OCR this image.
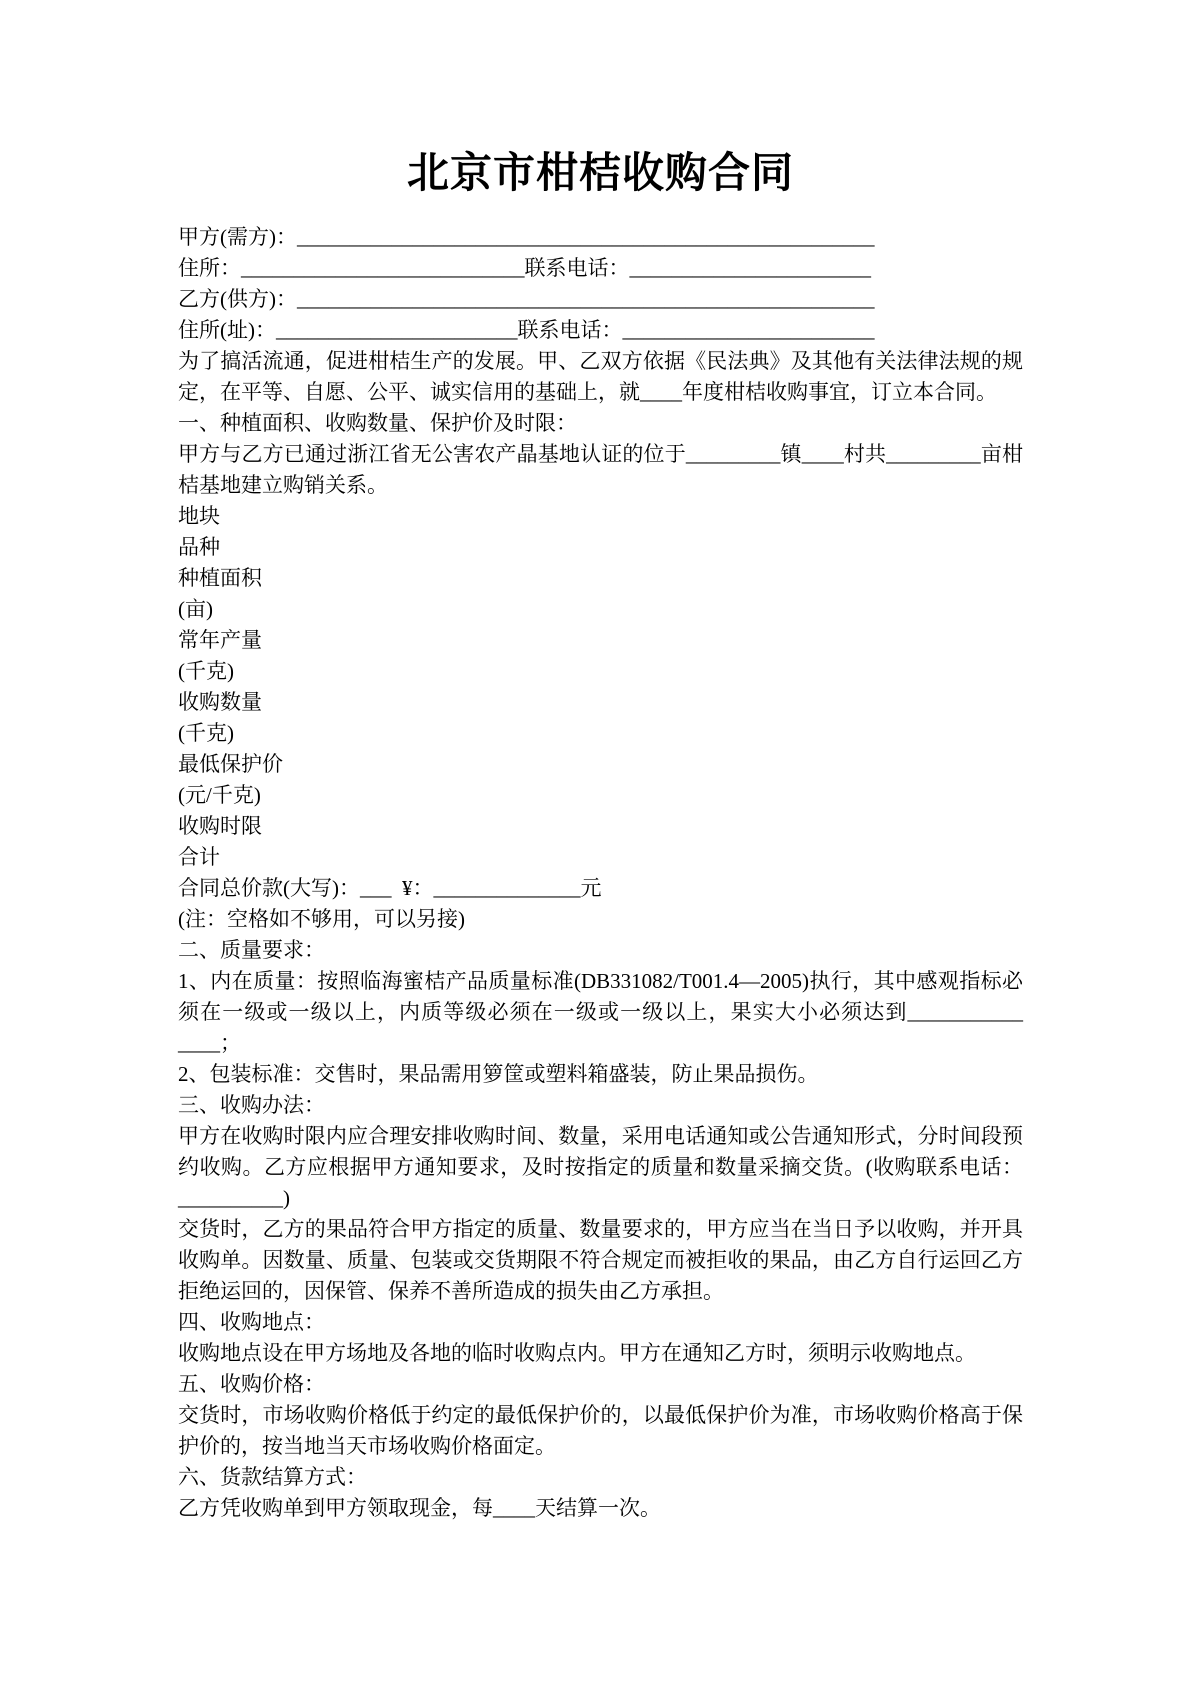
北京市柑桔收购合同
甲方(需方)：_______________________________________________________
住所：___________________________联系电话：_______________________
乙方(供方)：_______________________________________________________
住所(址)：_______________________联系电话：________________________
为了搞活流通，促进柑桔生产的发展。甲、乙双方依据《民法典》及其他有关法律法规的规定，在平等、自愿、公平、诚实信用的基础上，就____年度柑桔收购事宜，订立本合同。
一、种植面积、收购数量、保护价及时限：
甲方与乙方已通过浙江省无公害农产晶基地认证的位于_________镇____村共_________亩柑桔基地建立购销关系。
地块
品种
种植面积
(亩)
常年产量
(千克)
收购数量
(千克)
最低保护价
(元/千克)
收购时限
合计
合同总价款(大写)：___  ¥：______________元
(注：空格如不够用，可以另接)
二、质量要求：
1、内在质量：按照临海蜜桔产品质量标准(DB331082/T001.4—2005)执行，其中感观指标必须在一级或一级以上，内质等级必须在一级或一级以上，果实大小必须达到___________​____；
2、包装标准：交售时，果品需用箩筐或塑料箱盛装，防止果品损伤。
三、收购办法：
甲方在收购时限内应合理安排收购时间、数量，采用电话通知或公告通知形式，分时间段预约收购。乙方应根据甲方通知要求，及时按指定的质量和数量采摘交货。(收购联系电话：__________)
交货时，乙方的果品符合甲方指定的质量、数量要求的，甲方应当在当日予以收购，并开具收购单。因数量、质量、包装或交货期限不符合规定而被拒收的果品，由乙方自行运回乙方拒绝运回的，因保管、保养不善所造成的损失由乙方承担。
四、收购地点：
收购地点设在甲方场地及各地的临时收购点内。甲方在通知乙方时，须明示收购地点。
五、收购价格：
交货时，市场收购价格低于约定的最低保护价的，以最低保护价为准，市场收购价格高于保护价的，按当地当天市场收购价格面定。
六、货款结算方式：
乙方凭收购单到甲方领取现金，每____天结算一次。
